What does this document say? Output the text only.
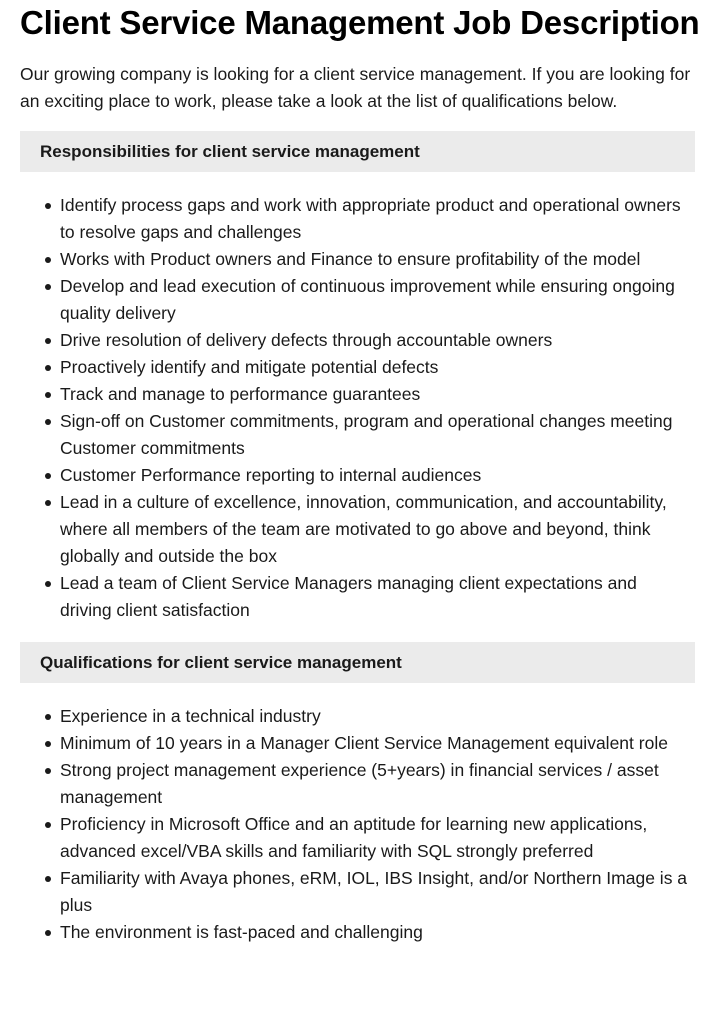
Client Service Management Job Description

Our growing company is looking for a client service management. If you are looking for an exciting place to work, please take a look at the list of qualifications below.

Responsibilities for client service management
Identify process gaps and work with appropriate product and operational owners to resolve gaps and challenges
Works with Product owners and Finance to ensure profitability of the model
Develop and lead execution of continuous improvement while ensuring ongoing quality delivery
Drive resolution of delivery defects through accountable owners
Proactively identify and mitigate potential defects
Track and manage to performance guarantees
Sign-off on Customer commitments, program and operational changes meeting Customer commitments
Customer Performance reporting to internal audiences
Lead in a culture of excellence, innovation, communication, and accountability, where all members of the team are motivated to go above and beyond, think globally and outside the box
Lead a team of Client Service Managers managing client expectations and driving client satisfaction
Qualifications for client service management
Experience in a technical industry
Minimum of 10 years in a Manager Client Service Management equivalent role
Strong project management experience (5+years) in financial services / asset management
Proficiency in Microsoft Office and an aptitude for learning new applications, advanced excel/VBA skills and familiarity with SQL strongly preferred
Familiarity with Avaya phones, eRM, IOL, IBS Insight, and/or Northern Image is a plus
The environment is fast-paced and challenging
